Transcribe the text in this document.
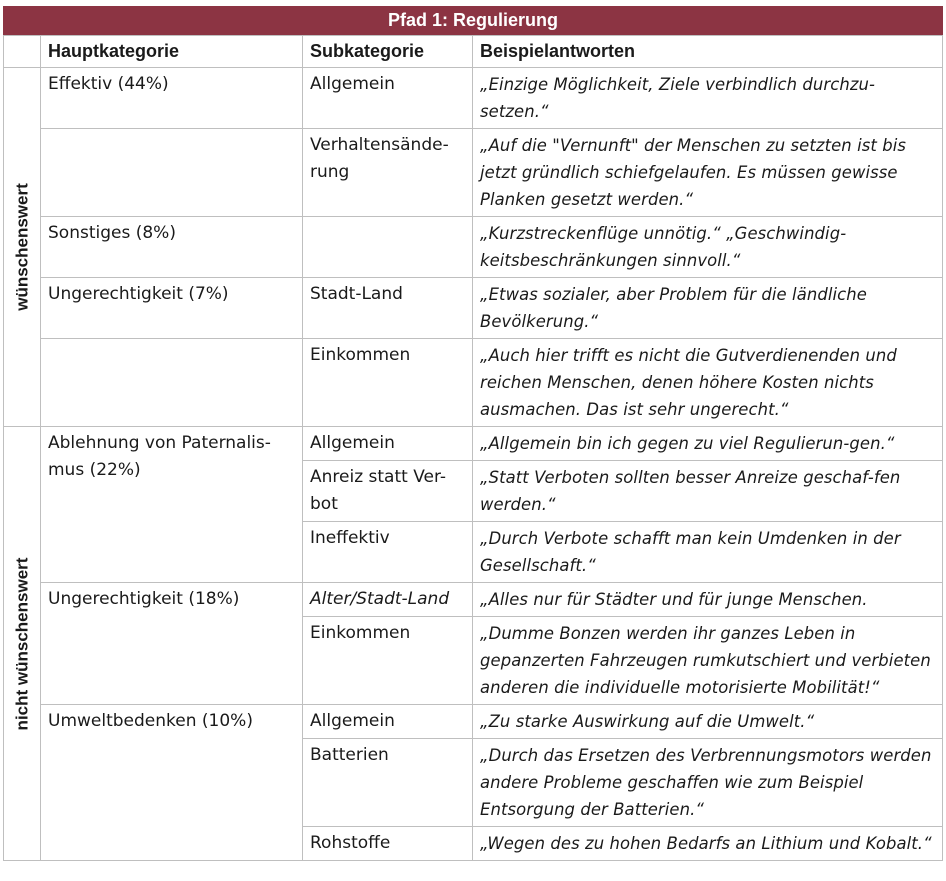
Pfad 1: Regulierung
	Hauptkategorie	Subkategorie	Beispielantworten

wünschenswert	Effektiv (44%)	Allgemein	„Einzige Möglichkeit, Ziele verbindlich durchzu-setzen.“
		Verhaltensände-rung	„Auf die "Vernunft" der Menschen zu setzten ist bis jetzt gründlich schiefgelaufen. Es müssen gewisse Planken gesetzt werden.“
	Sonstiges (8%)		„Kurzstreckenflüge unnötig.“ „Geschwindig-keitsbeschränkungen sinnvoll.“
	Ungerechtigkeit (7%)	Stadt-Land	„Etwas sozialer, aber Problem für die ländliche Bevölkerung.“
		Einkommen	„Auch hier trifft es nicht die Gutverdienenden und reichen Menschen, denen höhere Kosten nichts ausmachen. Das ist sehr ungerecht.“

nicht wünschenswert	Ablehnung von Paternalis-mus (22%)	Allgemein	„Allgemein bin ich gegen zu viel Regulierun-gen.“
		Anreiz statt Ver-bot	„Statt Verboten sollten besser Anreize geschaf-fen werden.“
		Ineffektiv	„Durch Verbote schafft man kein Umdenken in der Gesellschaft.“
	Ungerechtigkeit (18%)	Alter/Stadt-Land	„Alles nur für Städter und für junge Menschen.
		Einkommen	„Dumme Bonzen werden ihr ganzes Leben in gepanzerten Fahrzeugen rumkutschiert und verbieten anderen die individuelle motorisierte Mobilität!“
	Umweltbedenken (10%)	Allgemein	„Zu starke Auswirkung auf die Umwelt.“
		Batterien	„Durch das Ersetzen des Verbrennungsmotors werden andere Probleme geschaffen wie zum Beispiel Entsorgung der Batterien.“
		Rohstoffe	„Wegen des zu hohen Bedarfs an Lithium und Kobalt.“
